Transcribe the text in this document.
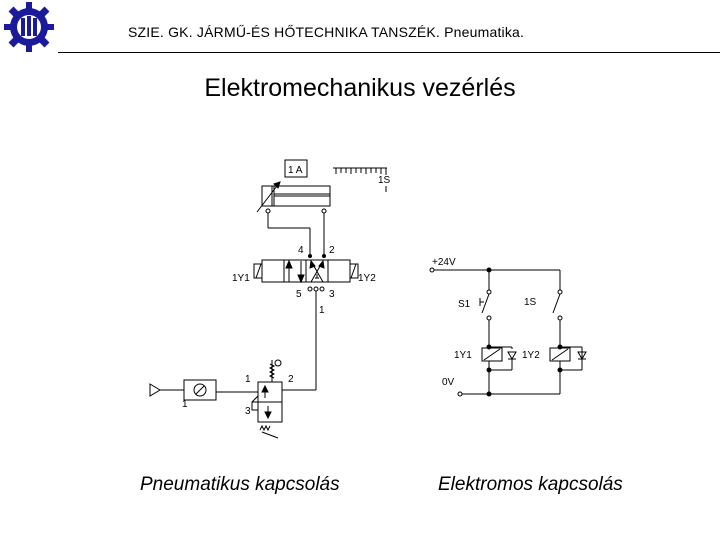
SZIE. GK. JÁRMŰ-ÉS HŐTECHNIKA TANSZÉK. Pneumatika.
Elektromechanikus vezérlés
1 A
1S
4	2
1Y1	1Y2
5	3
1
1	2
3
1
+24V
0V
S1	1S
1Y1	1Y2
Pneumatikus kapcsolás	Elektromos kapcsolás
